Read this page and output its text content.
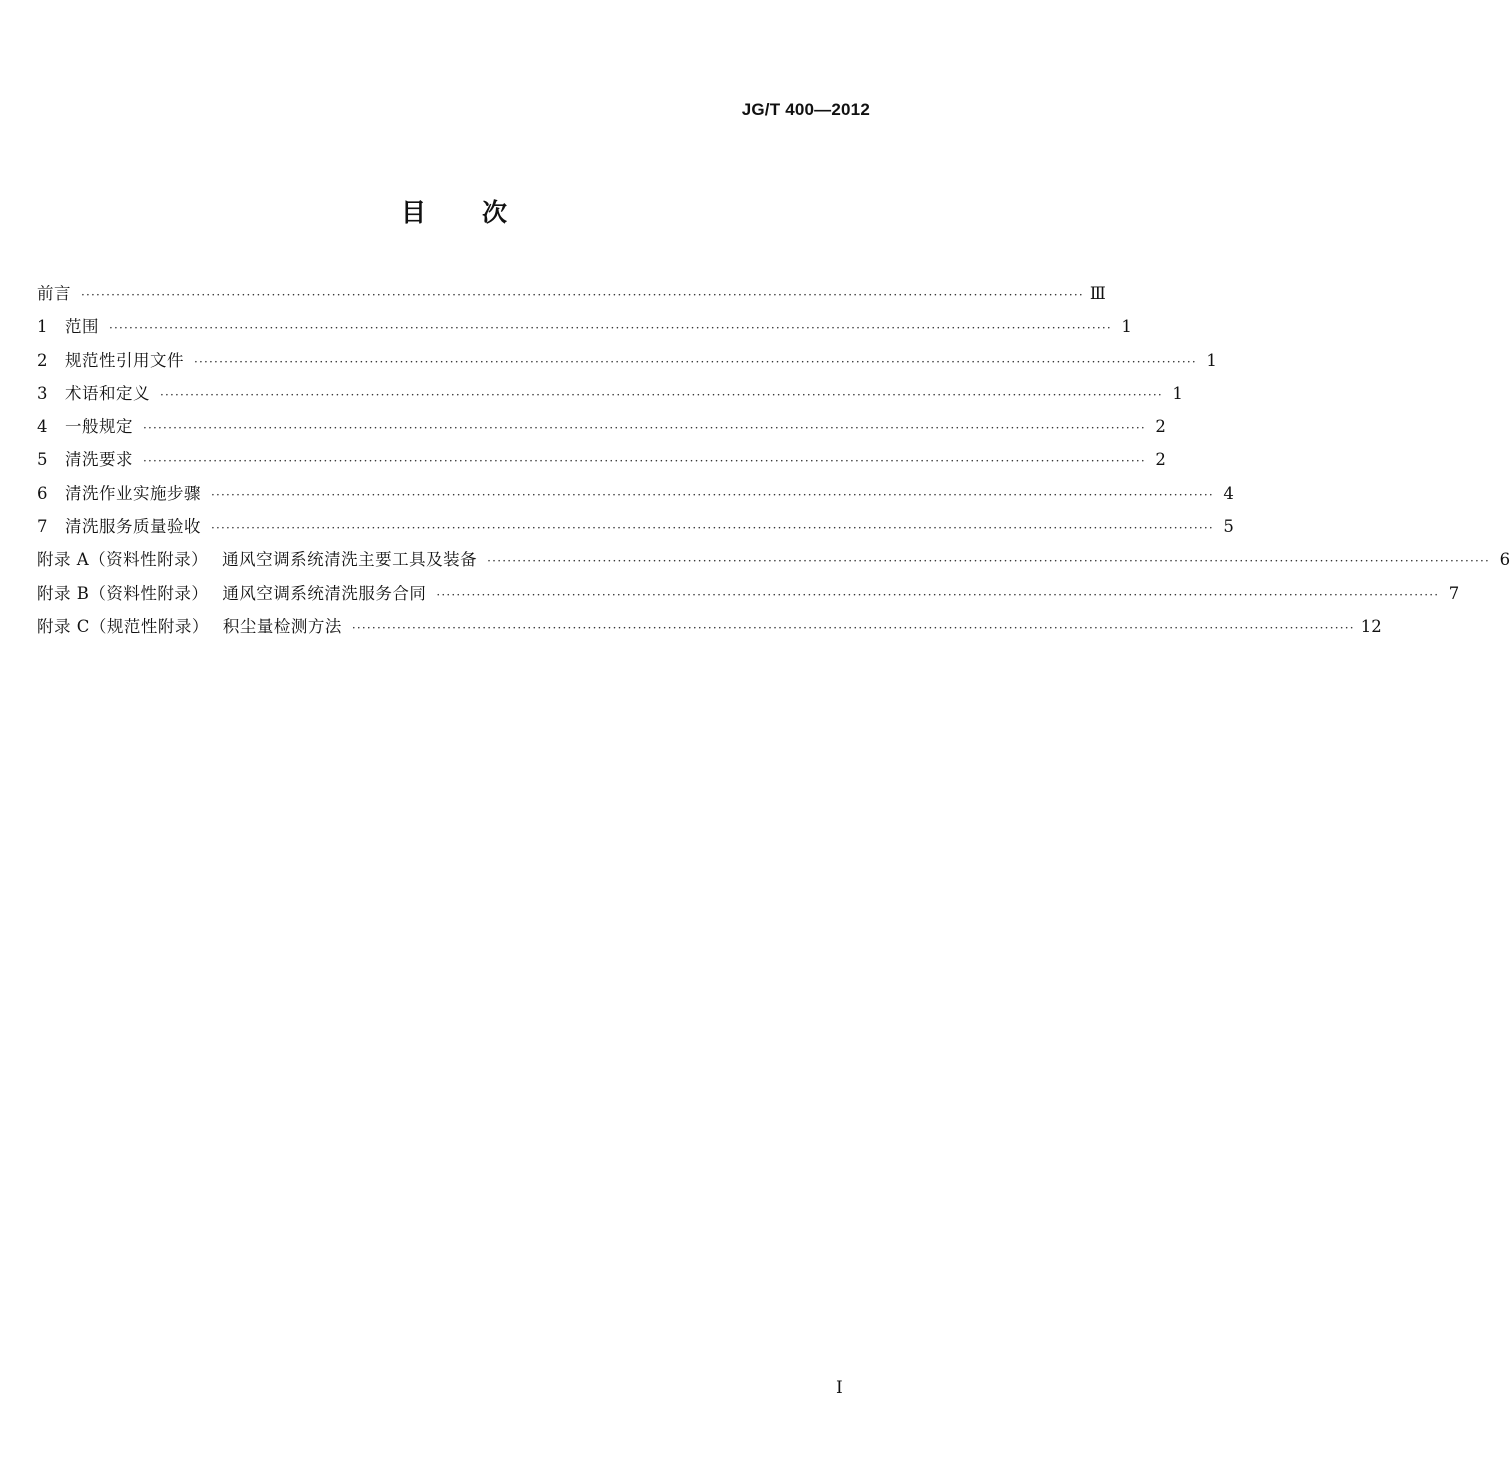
JG/T 400—2012
目 次
前言 ········································································································································································································ Ⅲ
1	范围 ········································································································································································································ 1
2	规范性引用文件 ········································································································································································································ 1
3	术语和定义 ········································································································································································································ 1
4	一般规定 ········································································································································································································ 2
5	清洗要求 ········································································································································································································ 2
6	清洗作业实施步骤 ········································································································································································································ 4
7	清洗服务质量验收 ········································································································································································································ 5
附录 A（资料性附录） 通风空调系统清洗主要工具及装备 ········································································································································································································ 6
附录 B（资料性附录） 通风空调系统清洗服务合同 ········································································································································································································ 7
附录 C（规范性附录） 积尘量检测方法 ········································································································································································································ 12
I
